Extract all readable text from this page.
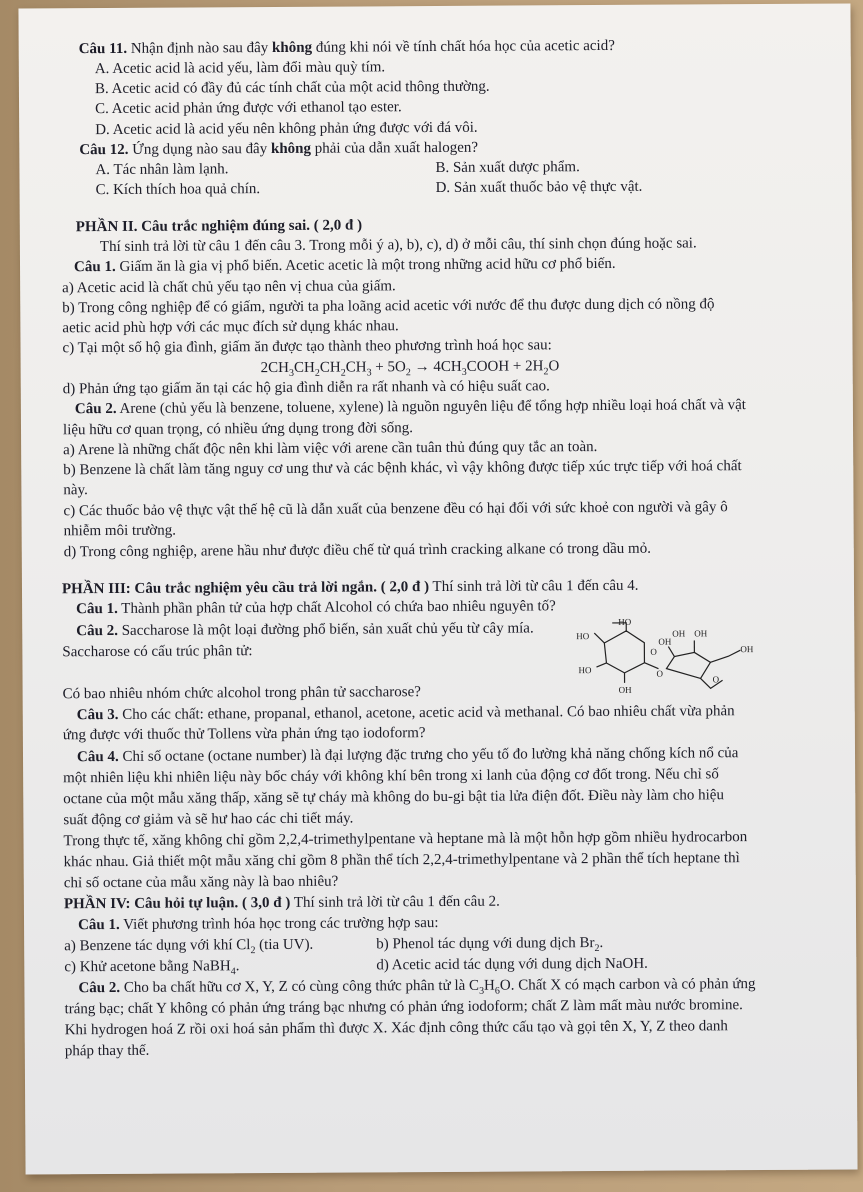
Câu 11. Nhận định nào sau đây không đúng khi nói về tính chất hóa học của acetic acid?
A. Acetic acid là acid yếu, làm đổi màu quỳ tím.
B. Acetic acid có đầy đủ các tính chất của một acid thông thường.
C. Acetic acid phản ứng được với ethanol tạo ester.
D. Acetic acid là acid yếu nên không phản ứng được với đá vôi.
Câu 12. Ứng dụng nào sau đây không phải của dẫn xuất halogen?
A. Tác nhân làm lạnh.	B. Sản xuất dược phẩm.
C. Kích thích hoa quả chín.	D. Sản xuất thuốc bảo vệ thực vật.
PHẦN II. Câu trắc nghiệm đúng sai. ( 2,0 đ )
Thí sinh trả lời từ câu 1 đến câu 3. Trong mỗi ý a), b), c), d) ở mỗi câu, thí sinh chọn đúng hoặc sai.
Câu 1. Giấm ăn là gia vị phổ biến. Acetic acetic là một trong những acid hữu cơ phổ biến.
a) Acetic acid là chất chủ yếu tạo nên vị chua của giấm.
b) Trong công nghiệp để có giấm, người ta pha loãng acid acetic với nước để thu được dung dịch có nồng độ
aetic acid phù hợp với các mục đích sử dụng khác nhau.
c) Tại một số hộ gia đình, giấm ăn được tạo thành theo phương trình hoá học sau:
$2CH_3CH_2CH_2CH_3 + 5O_2$ → $4CH_3COOH + 2H_2O$
d) Phản ứng tạo giấm ăn tại các hộ gia đình diễn ra rất nhanh và có hiệu suất cao.
Câu 2. Arene (chủ yếu là benzene, toluene, xylene) là nguồn nguyên liệu để tổng hợp nhiều loại hoá chất và vật
liệu hữu cơ quan trọng, có nhiều ứng dụng trong đời sống.
a) Arene là những chất độc nên khi làm việc với arene cần tuân thủ đúng quy tắc an toàn.
b) Benzene là chất làm tăng nguy cơ ung thư và các bệnh khác, vì vậy không được tiếp xúc trực tiếp với hoá chất
này.
c) Các thuốc bảo vệ thực vật thế hệ cũ là dẫn xuất của benzene đều có hại đối với sức khoẻ con người và gây ô
nhiễm môi trường.
d) Trong công nghiệp, arene hầu như được điều chế từ quá trình cracking alkane có trong dầu mỏ.
PHẦN III: Câu trắc nghiệm yêu cầu trả lời ngắn. ( 2,0 đ ) Thí sinh trả lời từ câu 1 đến câu 4.
Câu 1. Thành phần phân tử của hợp chất Alcohol có chứa bao nhiêu nguyên tố?
Câu 2. Saccharose là một loại đường phổ biến, sản xuất chủ yếu từ cây mía.
Saccharose có cấu trúc phân tử:
HO
HO
HO
OH
O
OH
OH OH
OH
O
O
Có bao nhiêu nhóm chức alcohol trong phân tử saccharose?
Câu 3. Cho các chất: ethane, propanal, ethanol, acetone, acetic acid và methanal. Có bao nhiêu chất vừa phản
ứng được với thuốc thử Tollens vừa phản ứng tạo iodoform?
Câu 4. Chỉ số octane (octane number) là đại lượng đặc trưng cho yếu tố đo lường khả năng chống kích nổ của
một nhiên liệu khi nhiên liệu này bốc cháy với không khí bên trong xi lanh của động cơ đốt trong. Nếu chỉ số
octane của một mẫu xăng thấp, xăng sẽ tự cháy mà không do bu-gi bật tia lửa điện đốt. Điều này làm cho hiệu
suất động cơ giảm và sẽ hư hao các chi tiết máy.
Trong thực tế, xăng không chỉ gồm 2,2,4-trimethylpentane và heptane mà là một hỗn hợp gồm nhiều hydrocarbon
khác nhau. Giả thiết một mẫu xăng chỉ gồm 8 phần thể tích 2,2,4-trimethylpentane và 2 phần thể tích heptane thì
chỉ số octane của mẫu xăng này là bao nhiêu?
PHẦN IV: Câu hỏi tự luận. ( 3,0 đ ) Thí sinh trả lời từ câu 1 đến câu 2.
Câu 1. Viết phương trình hóa học trong các trường hợp sau:
a) Benzene tác dụng với khí $Cl_2$ (tia UV).	b) Phenol tác dụng với dung dịch $Br_2$.
c) Khử acetone bằng NaBH$_4$.	d) Acetic acid tác dụng với dung dịch NaOH.
Câu 2. Cho ba chất hữu cơ X, Y, Z có cùng công thức phân tử là $C_3H_6O$. Chất X có mạch carbon và có phản ứng
tráng bạc; chất Y không có phản ứng tráng bạc nhưng có phản ứng iodoform; chất Z làm mất màu nước bromine.
Khi hydrogen hoá Z rồi oxi hoá sản phẩm thì được X. Xác định công thức cấu tạo và gọi tên X, Y, Z theo danh
pháp thay thế.
